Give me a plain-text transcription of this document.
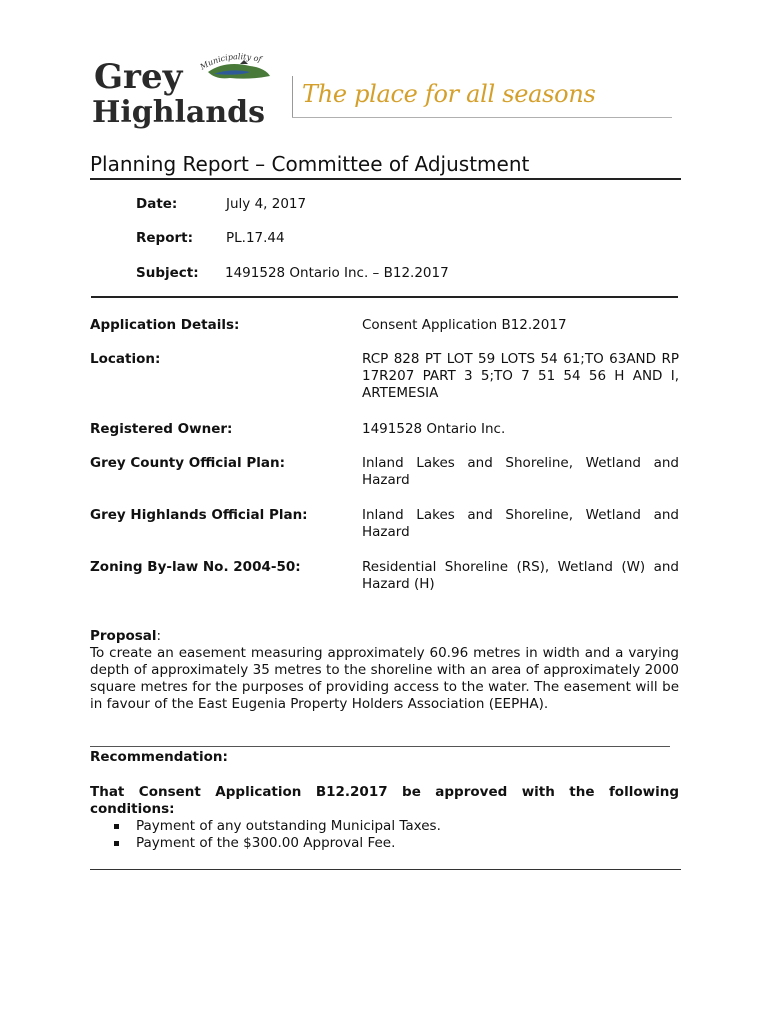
Municipality of
Grey
Highlands
The place for all seasons
Planning Report – Committee of Adjustment
Date:	July 4, 2017
Report: PL.17.44
Subject: 1491528 Ontario Inc. – B12.2017
Application Details:	Consent Application B12.2017
Location:	RCP 828 PT LOT 59 LOTS 54 61;TO 63AND RP 17R207 PART 3 5;TO 7 51 54 56 H AND I, ARTEMESIA
Registered Owner:	1491528 Ontario Inc.
Grey County Official Plan:	Inland Lakes and Shoreline, Wetland and Hazard
Grey Highlands Official Plan:	Inland Lakes and Shoreline, Wetland and Hazard
Zoning By-law No. 2004-50:	Residential Shoreline (RS), Wetland (W) and Hazard (H)
Proposal:
To create an easement measuring approximately 60.96 metres in width and a varying depth of approximately 35 metres to the shoreline with an area of approximately 2000 square metres for the purposes of providing access to the water. The easement will be in favour of the East Eugenia Property Holders Association (EEPHA).
Recommendation:
That Consent Application B12.2017 be approved with the following conditions:
Payment of any outstanding Municipal Taxes.
Payment of the $300.00 Approval Fee.
